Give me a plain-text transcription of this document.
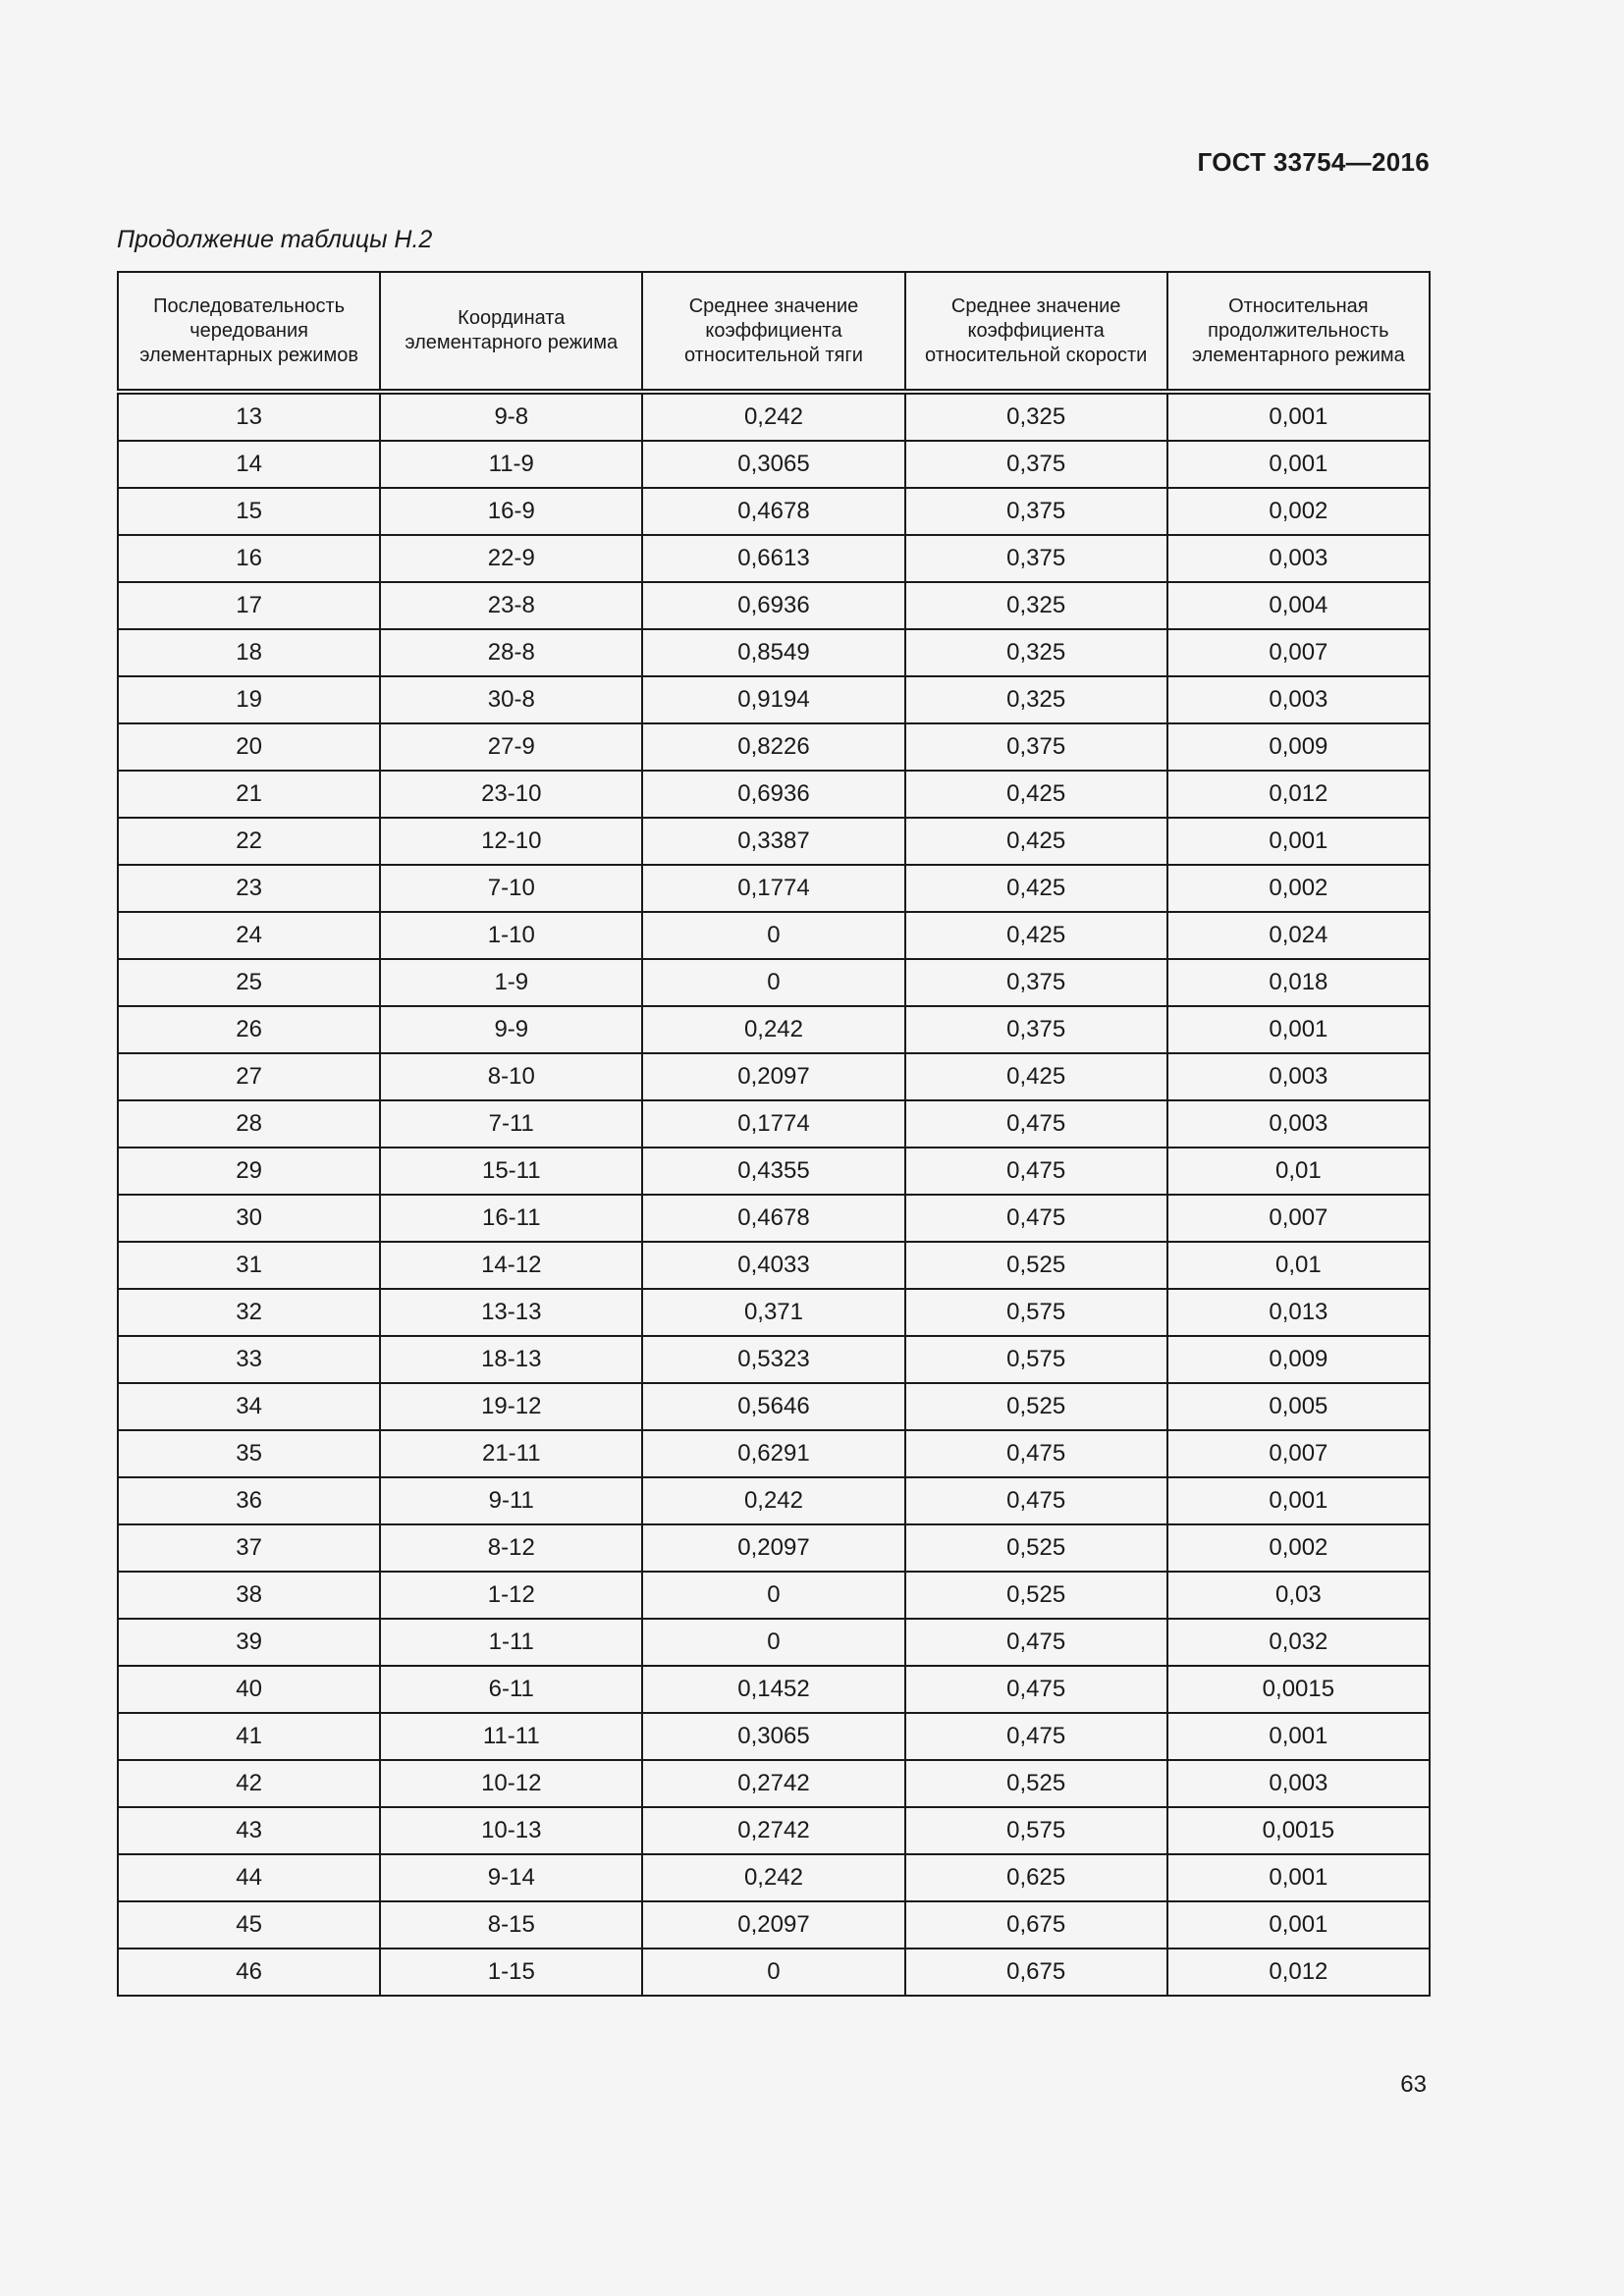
ГОСТ 33754—2016
Продолжение таблицы Н.2
Последовательность чередования элементарных режимов	Координата элементарного режима	Среднее значение коэффициента относительной тяги	Среднее значение коэффициента относительной скорости	Относительная продолжительность элементарного режима
13	9-8	0,242	0,325	0,001
14	11-9	0,3065	0,375	0,001
15	16-9	0,4678	0,375	0,002
16	22-9	0,6613	0,375	0,003
17	23-8	0,6936	0,325	0,004
18	28-8	0,8549	0,325	0,007
19	30-8	0,9194	0,325	0,003
20	27-9	0,8226	0,375	0,009
21	23-10	0,6936	0,425	0,012
22	12-10	0,3387	0,425	0,001
23	7-10	0,1774	0,425	0,002
24	1-10	0	0,425	0,024
25	1-9	0	0,375	0,018
26	9-9	0,242	0,375	0,001
27	8-10	0,2097	0,425	0,003
28	7-11	0,1774	0,475	0,003
29	15-11	0,4355	0,475	0,01
30	16-11	0,4678	0,475	0,007
31	14-12	0,4033	0,525	0,01
32	13-13	0,371	0,575	0,013
33	18-13	0,5323	0,575	0,009
34	19-12	0,5646	0,525	0,005
35	21-11	0,6291	0,475	0,007
36	9-11	0,242	0,475	0,001
37	8-12	0,2097	0,525	0,002
38	1-12	0	0,525	0,03
39	1-11	0	0,475	0,032
40	6-11	0,1452	0,475	0,0015
41	11-11	0,3065	0,475	0,001
42	10-12	0,2742	0,525	0,003
43	10-13	0,2742	0,575	0,0015
44	9-14	0,242	0,625	0,001
45	8-15	0,2097	0,675	0,001
46	1-15	0	0,675	0,012
63
